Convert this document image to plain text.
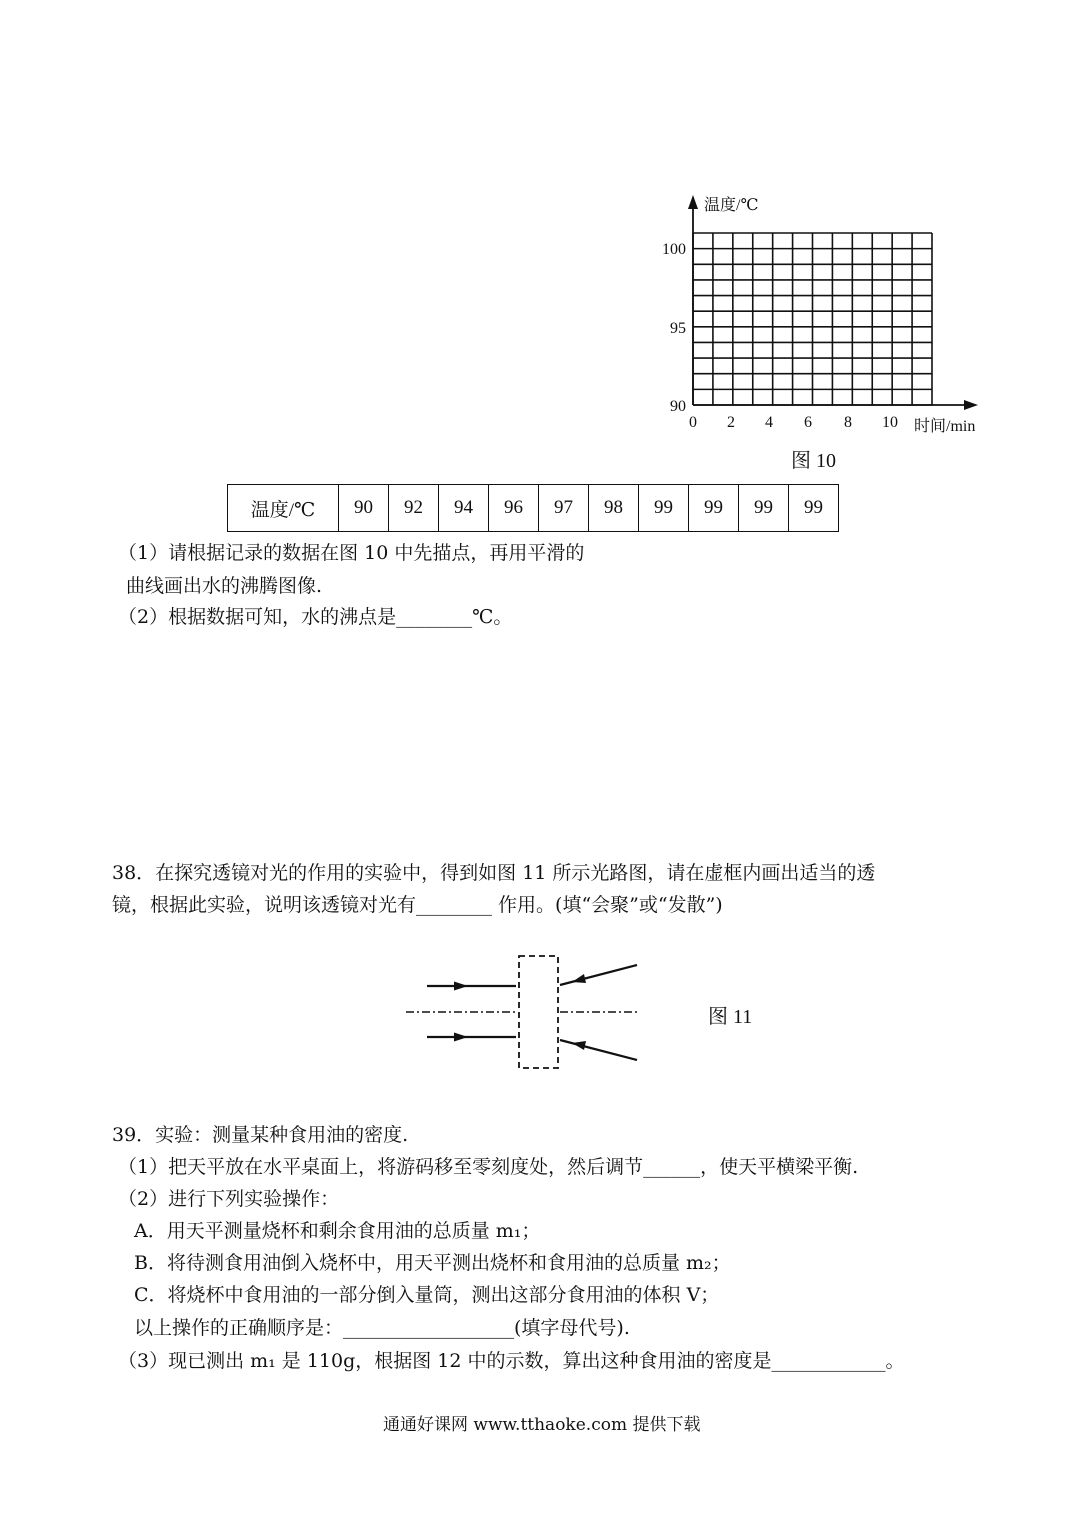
温度/℃
100
95
90
0 2 4 6 8 10 时间/min
图 10
温度/℃	90	92	94	96	97	98	99	99	99	99
（1）请根据记录的数据在图 10 中先描点，再用平滑的
曲线画出水的沸腾图像.
（2）根据数据可知，水的沸点是________℃。
38．在探究透镜对光的作用的实验中，得到如图 11 所示光路图，请在虚框内画出适当的透
镜，根据此实验，说明该透镜对光有________ 作用。(填“会聚”或“发散”)
图 11
39．实验：测量某种食用油的密度.
（1）把天平放在水平桌面上，将游码移至零刻度处，然后调节______，使天平横梁平衡.
（2）进行下列实验操作：
A．用天平测量烧杯和剩余食用油的总质量 m₁；
B．将待测食用油倒入烧杯中，用天平测出烧杯和食用油的总质量 m₂；
C．将烧杯中食用油的一部分倒入量筒，测出这部分食用油的体积 V；
以上操作的正确顺序是：__________________(填字母代号).
（3）现已测出 m₁ 是 110g，根据图 12 中的示数，算出这种食用油的密度是____________。
通通好课网 www.tthaoke.com 提供下载
